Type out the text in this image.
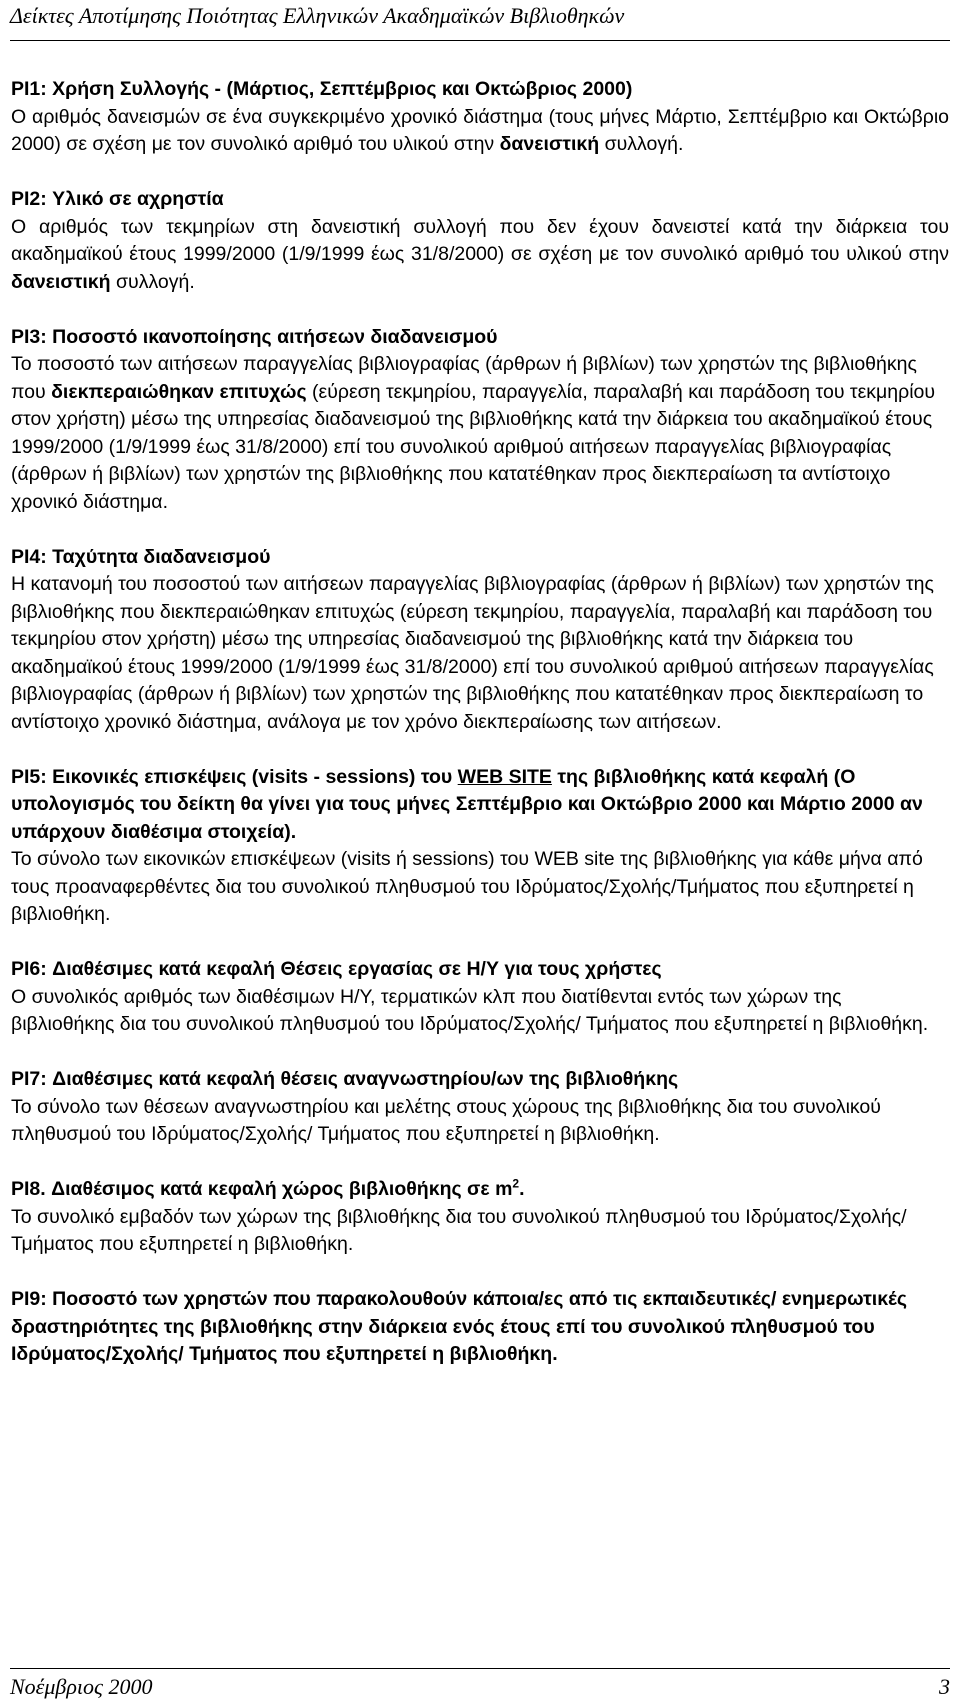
Δείκτες Αποτίμησης Ποιότητας Ελληνικών Ακαδημαϊκών Βιβλιοθηκών

PI1: Χρήση Συλλογής - (Μάρτιος, Σεπτέμβριος και Οκτώβριος 2000)

Ο αριθμός δανεισμών σε ένα συγκεκριμένο χρονικό διάστημα (τους μήνες Μάρτιο, Σεπτέμβριο και Οκτώβριο 2000) σε σχέση με τον συνολικό αριθμό του υλικού στην δανειστική συλλογή.

PI2: Υλικό σε αχρηστία

Ο αριθμός των τεκμηρίων στη δανειστική συλλογή που δεν έχουν δανειστεί κατά την διάρκεια του ακαδημαϊκού έτους 1999/2000 (1/9/1999 έως 31/8/2000) σε σχέση με τον συνολικό αριθμό του υλικού στην δανειστική συλλογή.

PI3: Ποσοστό ικανοποίησης αιτήσεων διαδανεισμού

Το ποσοστό των αιτήσεων παραγγελίας βιβλιογραφίας (άρθρων ή βιβλίων) των χρηστών της βιβλιοθήκης που διεκπεραιώθηκαν επιτυχώς (εύρεση τεκμηρίου, παραγγελία, παραλαβή και παράδοση του τεκμηρίου στον χρήστη) μέσω της υπηρεσίας διαδανεισμού της βιβλιοθήκης κατά την διάρκεια του ακαδημαϊκού έτους 1999/2000 (1/9/1999 έως 31/8/2000) επί του συνολικού αριθμού αιτήσεων παραγγελίας βιβλιογραφίας (άρθρων ή βιβλίων) των χρηστών της βιβλιοθήκης που κατατέθηκαν προς διεκπεραίωση τα αντίστοιχο χρονικό διάστημα.

PI4: Ταχύτητα διαδανεισμού

Η κατανομή του ποσοστού των αιτήσεων παραγγελίας βιβλιογραφίας (άρθρων ή βιβλίων) των χρηστών της βιβλιοθήκης που διεκπεραιώθηκαν επιτυχώς (εύρεση τεκμηρίου, παραγγελία, παραλαβή και παράδοση του τεκμηρίου στον χρήστη) μέσω της υπηρεσίας διαδανεισμού της βιβλιοθήκης κατά την διάρκεια του ακαδημαϊκού έτους 1999/2000 (1/9/1999 έως 31/8/2000) επί του συνολικού αριθμού αιτήσεων παραγγελίας βιβλιογραφίας (άρθρων ή βιβλίων) των χρηστών της βιβλιοθήκης που κατατέθηκαν προς διεκπεραίωση το αντίστοιχο χρονικό διάστημα, ανάλογα με τον χρόνο διεκπεραίωσης των αιτήσεων.

PI5: Εικονικές επισκέψεις (visits - sessions) του WEB SITE της βιβλιοθήκης κατά κεφαλή (Ο υπολογισμός του δείκτη θα γίνει για τους μήνες Σεπτέμβριο και Οκτώβριο 2000 και Μάρτιο 2000 αν υπάρχουν διαθέσιμα στοιχεία).

Το σύνολο των εικονικών επισκέψεων (visits ή sessions) του WEB site της βιβλιοθήκης για κάθε μήνα από τους προαναφερθέντες δια του συνολικού πληθυσμού του Ιδρύματος/Σχολής/Τμήματος που εξυπηρετεί η βιβλιοθήκη.

PI6: Διαθέσιμες κατά κεφαλή Θέσεις εργασίας σε Η/Υ για τους χρήστες

Ο συνολικός αριθμός των διαθέσιμων Η/Υ, τερματικών κλπ που διατίθενται εντός των χώρων της βιβλιοθήκης δια του συνολικού πληθυσμού του Ιδρύματος/Σχολής/ Τμήματος που εξυπηρετεί η βιβλιοθήκη.

PI7: Διαθέσιμες κατά κεφαλή θέσεις αναγνωστηρίου/ων της βιβλιοθήκης

Το σύνολο των θέσεων αναγνωστηρίου και μελέτης στους χώρους της βιβλιοθήκης δια του συνολικού πληθυσμού του Ιδρύματος/Σχολής/ Τμήματος που εξυπηρετεί η βιβλιοθήκη.

PI8. Διαθέσιμος κατά κεφαλή χώρος βιβλιοθήκης σε $m^2$.

Το συνολικό εμβαδόν των χώρων της βιβλιοθήκης δια του συνολικού πληθυσμού του Ιδρύματος/Σχολής/ Τμήματος που εξυπηρετεί η βιβλιοθήκη.

PI9: Ποσοστό των χρηστών που παρακολουθούν κάποια/ες από τις εκπαιδευτικές/ ενημερωτικές δραστηριότητες της βιβλιοθήκης στην διάρκεια ενός έτους επί του συνολικού πληθυσμού του Ιδρύματος/Σχολής/ Τμήματος που εξυπηρετεί η βιβλιοθήκη.

Νοέμβριος 2000	3
